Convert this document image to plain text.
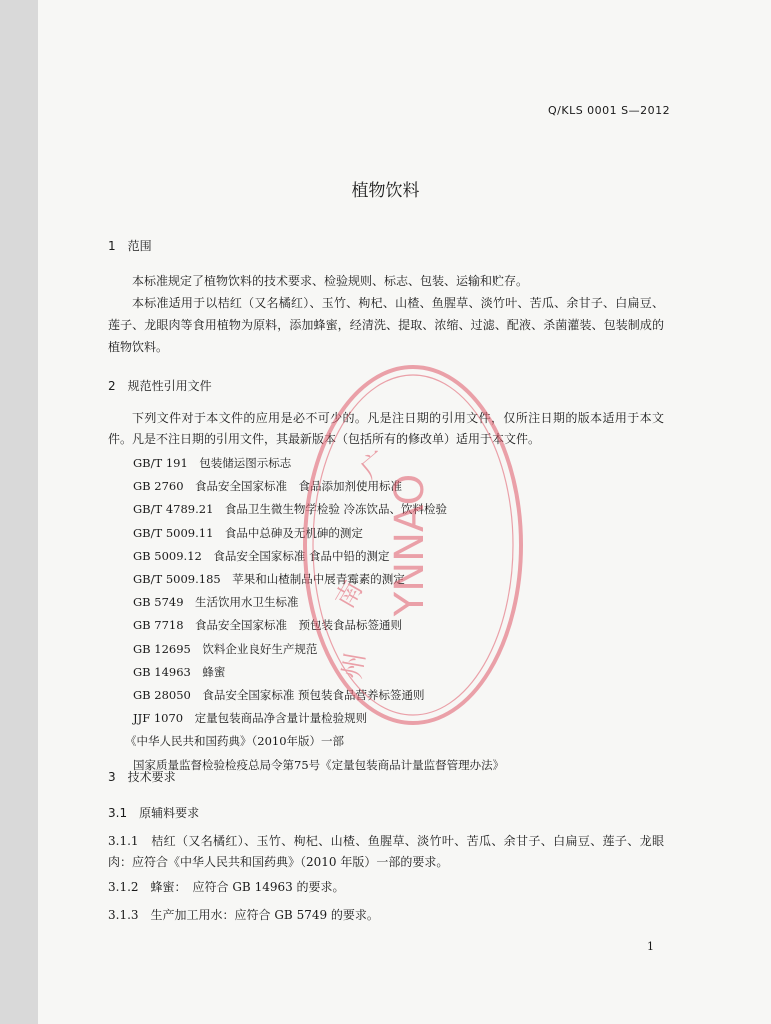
Q/KLS 0001 S—2012
植物饮料
1　范围
本标准规定了植物饮料的技术要求、检验规则、标志、包装、运输和贮存。
本标准适用于以桔红（又名橘红）、玉竹、枸杞、山楂、鱼腥草、淡竹叶、苦瓜、余甘子、白扁豆、莲子、龙眼肉等食用植物为原料，添加蜂蜜，经清洗、提取、浓缩、过滤、配液、杀菌灌装、包装制成的植物饮料。
2　规范性引用文件
下列文件对于本文件的应用是必不可少的。凡是注日期的引用文件，仅所注日期的版本适用于本文件。凡是不注日期的引用文件，其最新版本（包括所有的修改单）适用于本文件。
GB/T 191　包装储运图示标志
GB 2760　食品安全国家标准　食品添加剂使用标准
GB/T 4789.21　食品卫生微生物学检验 冷冻饮品、饮料检验
GB/T 5009.11　食品中总砷及无机砷的测定
GB 5009.12　食品安全国家标准 食品中铅的测定
GB/T 5009.185　苹果和山楂制品中展青霉素的测定
GB 5749　生活饮用水卫生标准
GB 7718　食品安全国家标准　预包装食品标签通则
GB 12695　饮料企业良好生产规范
GB 14963　蜂蜜
GB 28050　食品安全国家标准 预包装食品营养标签通则
JJF 1070　定量包装商品净含量计量检验规则
《中华人民共和国药典》（2010年版）一部
国家质量监督检验检疫总局令第75号《定量包装商品计量监督管理办法》
3　技术要求
3.1　原辅料要求
3.1.1　桔红（又名橘红）、玉竹、枸杞、山楂、鱼腥草、淡竹叶、苦瓜、余甘子、白扁豆、莲子、龙眼肉：应符合《中华人民共和国药典》（2010 年版）一部的要求。
3.1.2　蜂蜜：　应符合 GB 14963 的要求。
3.1.3　生产加工用水：应符合 GB 5749 的要求。
1
YNNAO
南
广
州
